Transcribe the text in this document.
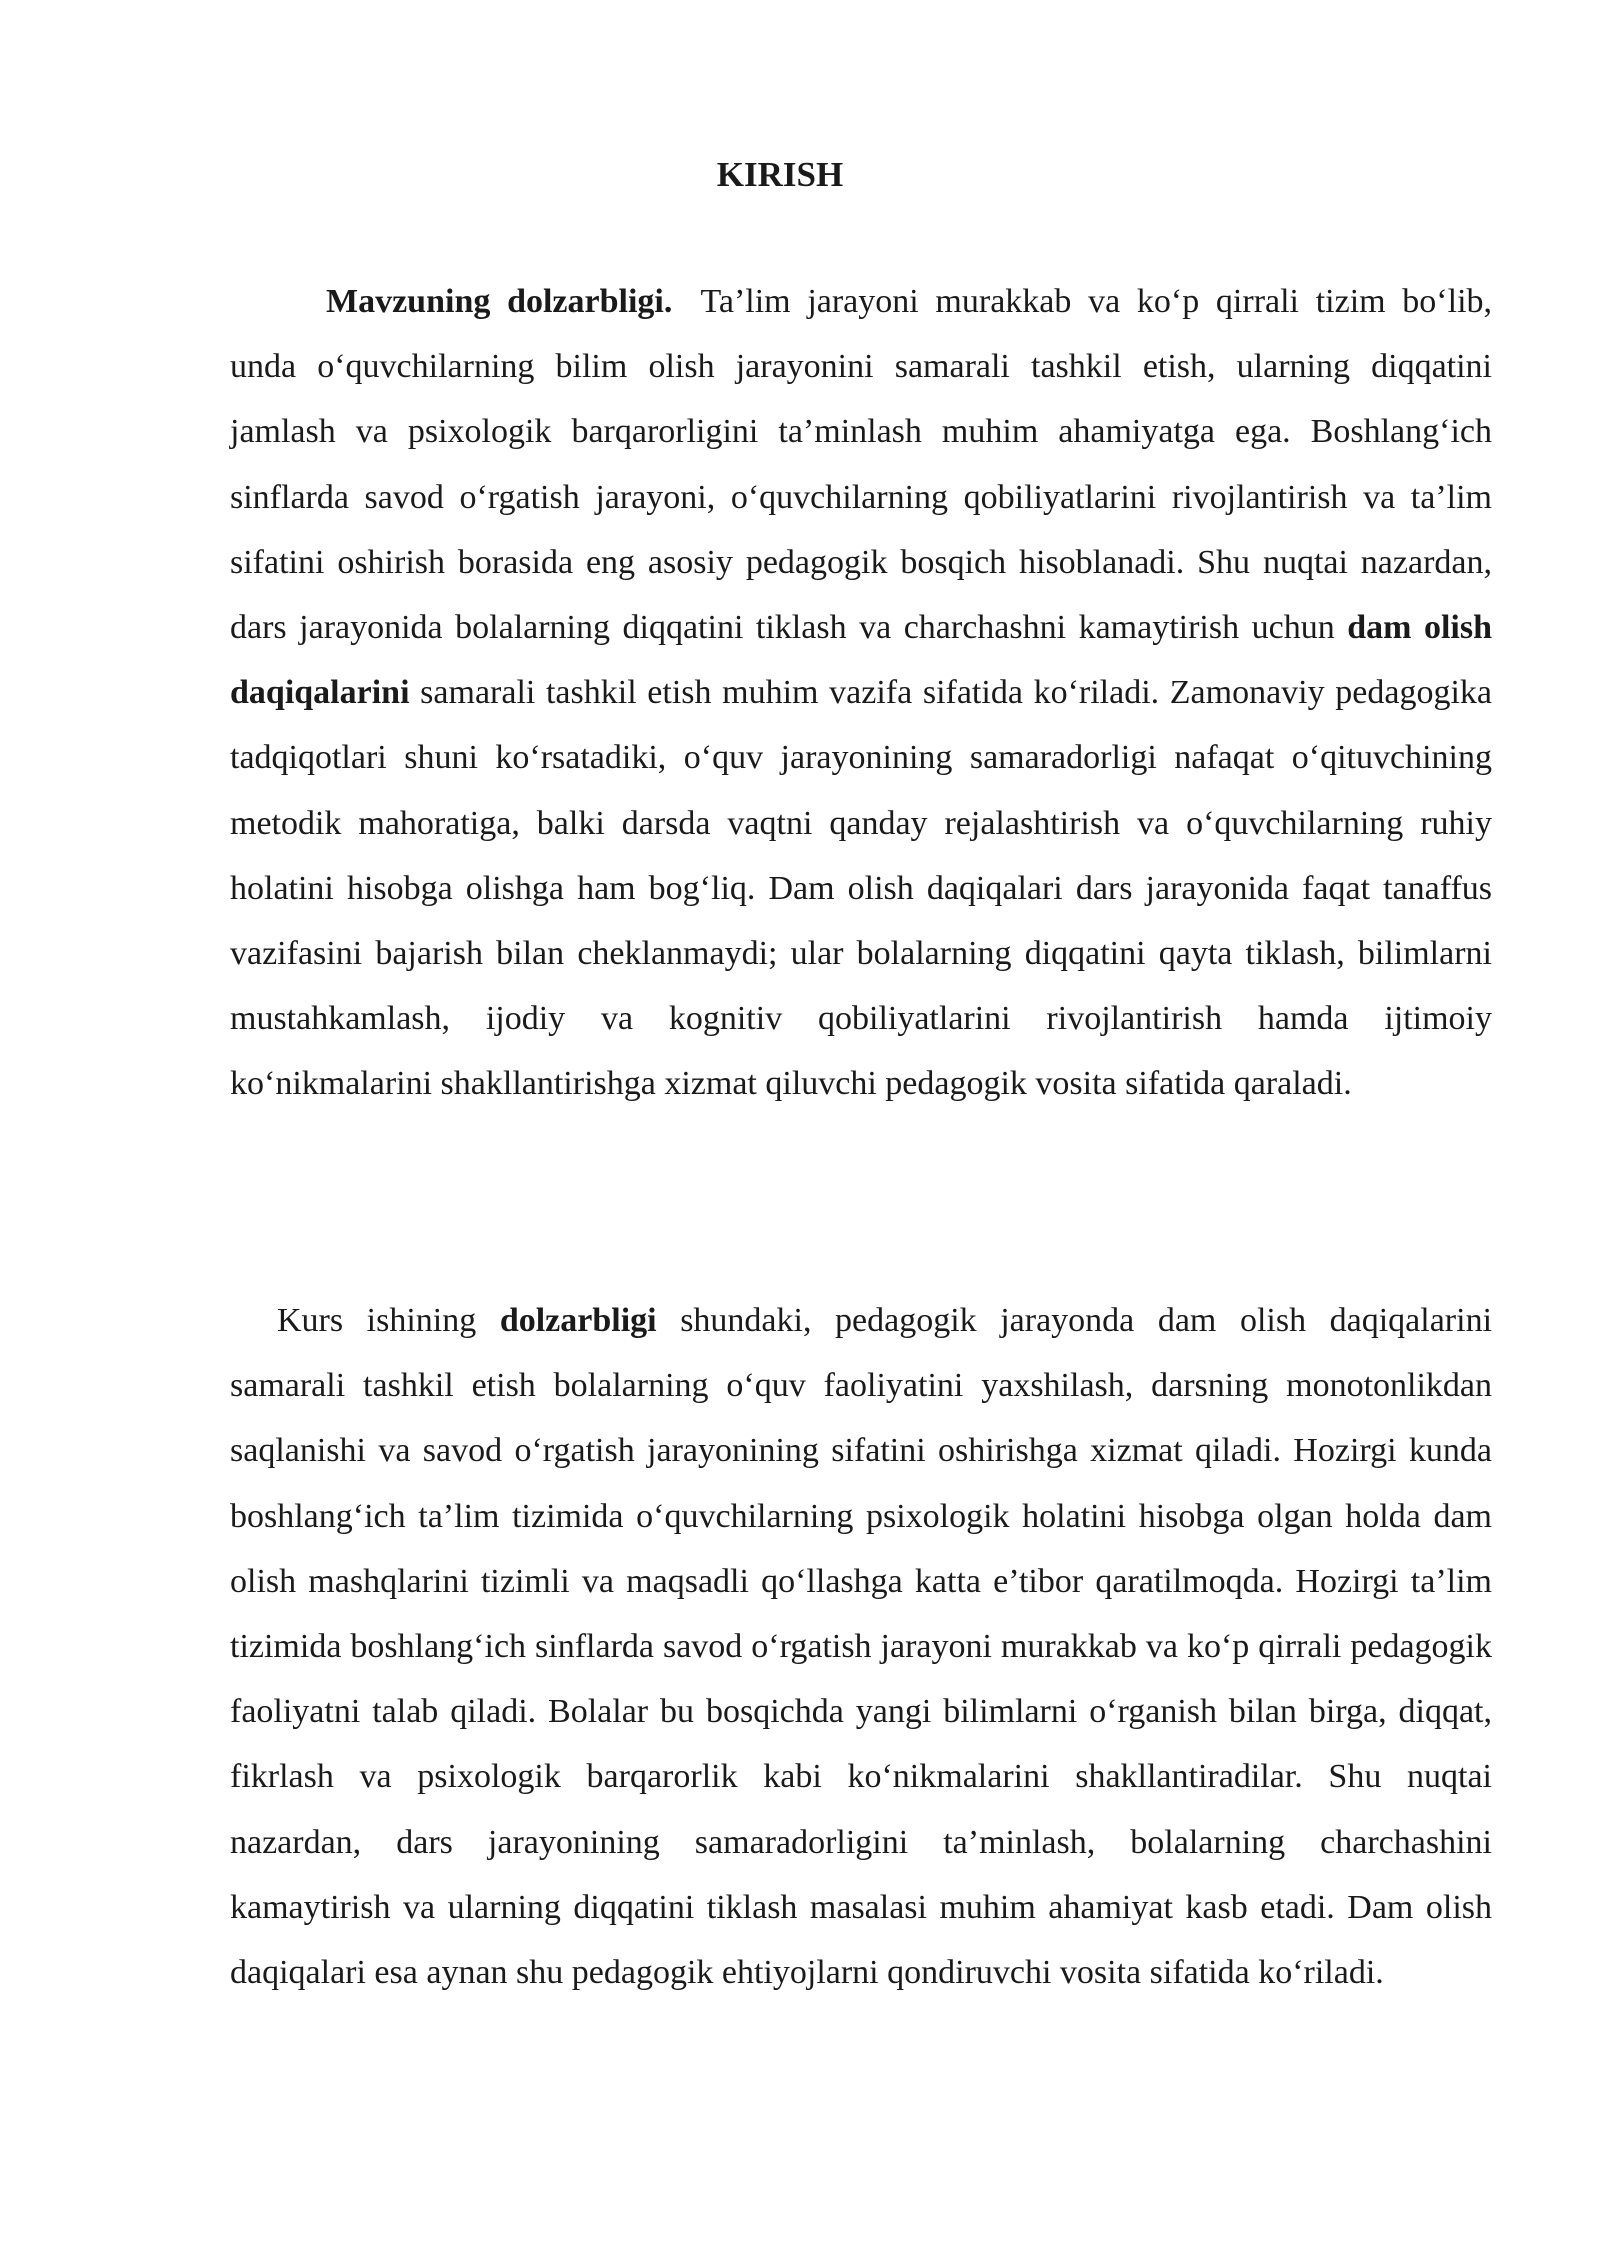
KIRISH

Mavzuning dolzarbligi. Ta’lim jarayoni murakkab va ko‘p qirrali tizim bo‘lib, unda o‘quvchilarning bilim olish jarayonini samarali tashkil etish, ularning diqqatini jamlash va psixologik barqarorligini ta’minlash muhim ahamiyatga ega. Boshlang‘ich sinflarda savod o‘rgatish jarayoni, o‘quvchilarning qobiliyatlarini rivojlantirish va ta’lim sifatini oshirish borasida eng asosiy pedagogik bosqich hisoblanadi. Shu nuqtai nazardan, dars jarayonida bolalarning diqqatini tiklash va charchashni kamaytirish uchun dam olish daqiqalarini samarali tashkil etish muhim vazifa sifatida ko‘riladi. Zamonaviy pedagogika tadqiqotlari shuni ko‘rsatadiki, o‘quv jarayonining samaradorligi nafaqat o‘qituvchining metodik mahoratiga, balki darsda vaqtni qanday rejalashtirish va o‘quvchilarning ruhiy holatini hisobga olishga ham bog‘liq. Dam olish daqiqalari dars jarayonida faqat tanaffus vazifasini bajarish bilan cheklanmaydi; ular bolalarning diqqatini qayta tiklash, bilimlarni mustahkamlash, ijodiy va kognitiv qobiliyatlarini rivojlantirish hamda ijtimoiy ko‘nikmalarini shakllantirishga xizmat qiluvchi pedagogik vosita sifatida qaraladi.

Kurs ishining dolzarbligi shundaki, pedagogik jarayonda dam olish daqiqalarini samarali tashkil etish bolalarning o‘quv faoliyatini yaxshilash, darsning monotonlikdan saqlanishi va savod o‘rgatish jarayonining sifatini oshirishga xizmat qiladi. Hozirgi kunda boshlang‘ich ta’lim tizimida o‘quvchilarning psixologik holatini hisobga olgan holda dam olish mashqlarini tizimli va maqsadli qo‘llashga katta e’tibor qaratilmoqda. Hozirgi ta’lim tizimida boshlang‘ich sinflarda savod o‘rgatish jarayoni murakkab va ko‘p qirrali pedagogik faoliyatni talab qiladi. Bolalar bu bosqichda yangi bilimlarni o‘rganish bilan birga, diqqat, fikrlash va psixologik barqarorlik kabi ko‘nikmalarini shakllantiradilar. Shu nuqtai nazardan, dars jarayonining samaradorligini ta’minlash, bolalarning charchashini kamaytirish va ularning diqqatini tiklash masalasi muhim ahamiyat kasb etadi. Dam olish daqiqalari esa aynan shu pedagogik ehtiyojlarni qondiruvchi vosita sifatida ko‘riladi.
